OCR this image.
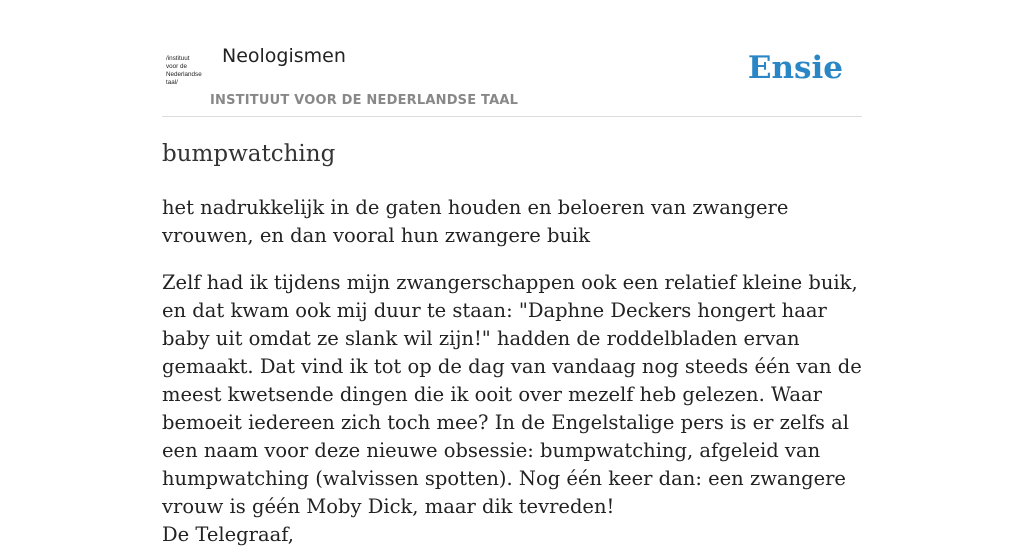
/instituut
voor de
Nederlandse
taal/
Neologismen
INSTITUUT VOOR DE NEDERLANDSE TAAL
Ensie
bumpwatching

het nadrukkelijk in de gaten houden en beloeren van zwangere vrouwen, en dan vooral hun zwangere buik

Zelf had ik tijdens mijn zwangerschappen ook een relatief kleine buik, en dat kwam ook mij duur te staan: "Daphne Deckers hongert haar baby uit omdat ze slank wil zijn!" hadden de roddelbladen ervan gemaakt. Dat vind ik tot op de dag van vandaag nog steeds één van de meest kwetsende dingen die ik ooit over mezelf heb gelezen. Waar bemoeit iedereen zich toch mee? In de Engelstalige pers is er zelfs al een naam voor deze nieuwe obsessie: bumpwatching, afgeleid van humpwatching (walvissen spotten). Nog één keer dan: een zwangere vrouw is géén Moby Dick, maar dik tevreden!
De Telegraaf,
